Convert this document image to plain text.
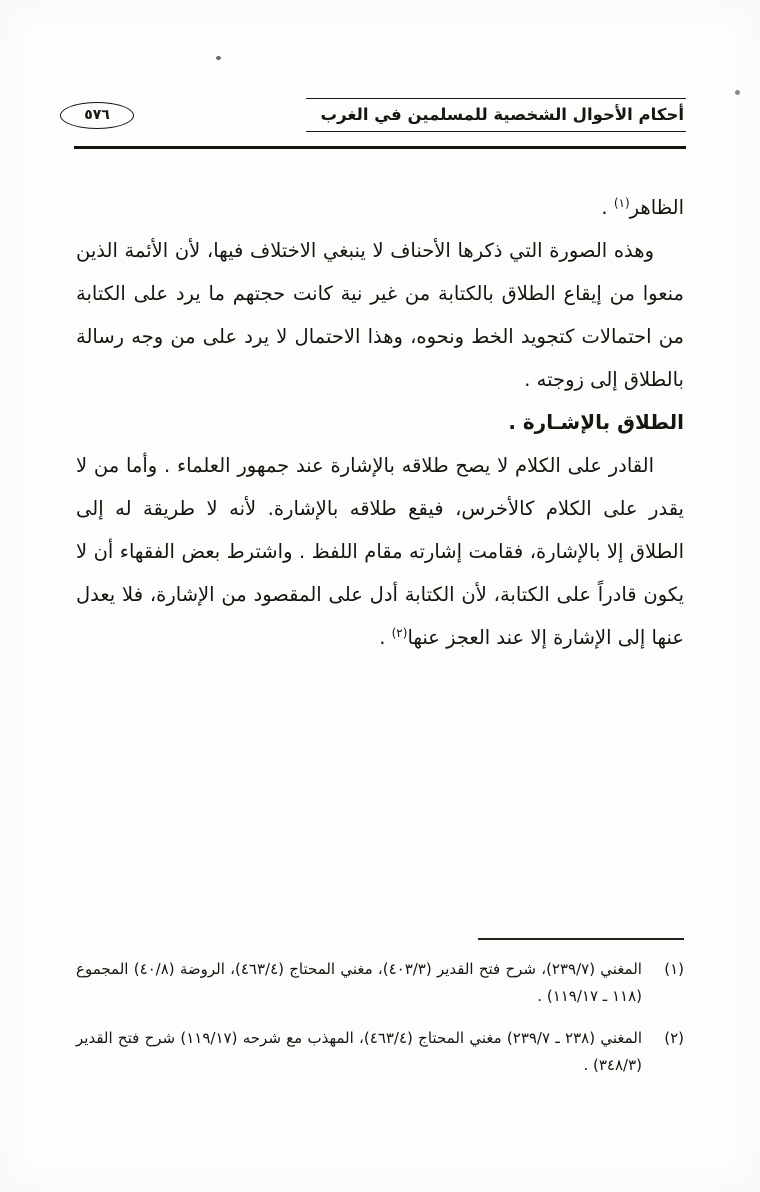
أحكام الأحوال الشخصية للمسلمين في الغرب
٥٧٦

الظاهر$^{(١)}$ .

وهذه الصورة التي ذكرها الأحناف لا ينبغي الاختلاف فيها، لأن الأئمة الذين منعوا من إيقاع الطلاق بالكتابة من غير نية كانت حجتهم ما يرد على الكتابة من احتمالات كتجويد الخط ونحوه، وهذا الاحتمال لا يرد على من وجه رسالة بالطلاق إلى زوجته .

الطلاق بالإشـارة .

القادر على الكلام لا يصح طلاقه بالإشارة عند جمهور العلماء . وأما من لا يقدر على الكلام كالأخرس، فيقع طلاقه بالإشارة. لأنه لا طريقة له إلى الطلاق إلا بالإشارة، فقامت إشارته مقام اللفظ . واشترط بعض الفقهاء أن لا يكون قادراً على الكتابة، لأن الكتابة أدل على المقصود من الإشارة، فلا يعدل عنها إلى الإشارة إلا عند العجز عنها$^{(٢)}$ .

(١)
المغني (٢٣٩/٧)، شرح فتح القدير (٤٠٣/٣)، مغني المحتاج (٤٦٣/٤)، الروضة (٤٠/٨) المجموع (١١٨ ـ ١١٩/١٧) .
(٢)
المغني (٢٣٨ ـ ٢٣٩/٧) مغني المحتاج (٤٦٣/٤)، المهذب مع شرحه (١١٩/١٧) شرح فتح القدير (٣٤٨/٣) .
